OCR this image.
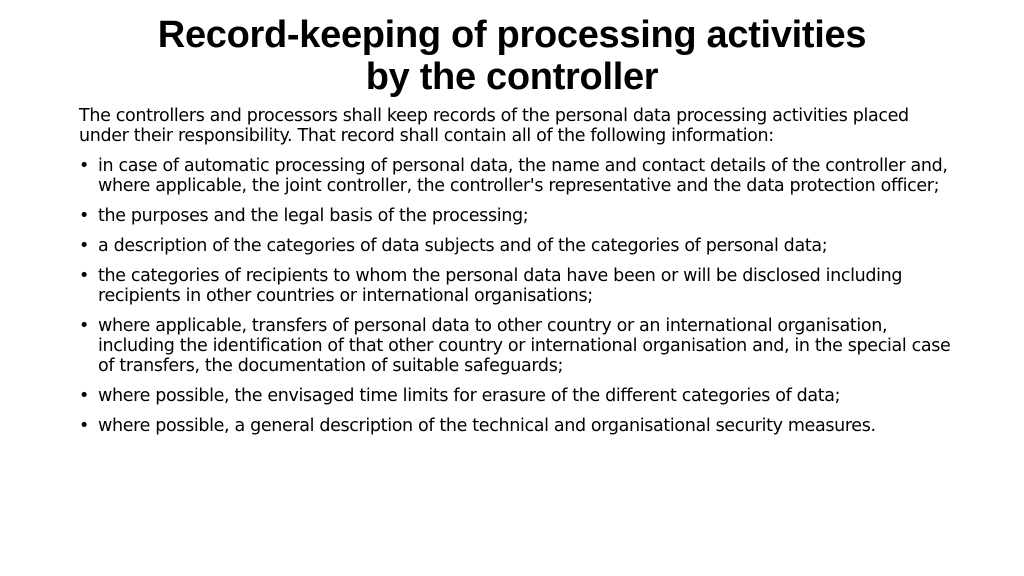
Record-keeping of processing activities
by the controller

The controllers and processors shall keep records of the personal data processing activities placed under their responsibility. That record shall contain all of the following information:

• in case of automatic processing of personal data, the name and contact details of the controller and, where applicable, the joint controller, the controller's representative and the data protection officer;
• the purposes and the legal basis of the processing;
• a description of the categories of data subjects and of the categories of personal data;
• the categories of recipients to whom the personal data have been or will be disclosed including recipients in other countries or international organisations;
• where applicable, transfers of personal data to other country or an international organisation, including the identification of that other country or international organisation and, in the special case of transfers, the documentation of suitable safeguards;
• where possible, the envisaged time limits for erasure of the different categories of data;
• where possible, a general description of the technical and organisational security measures.
